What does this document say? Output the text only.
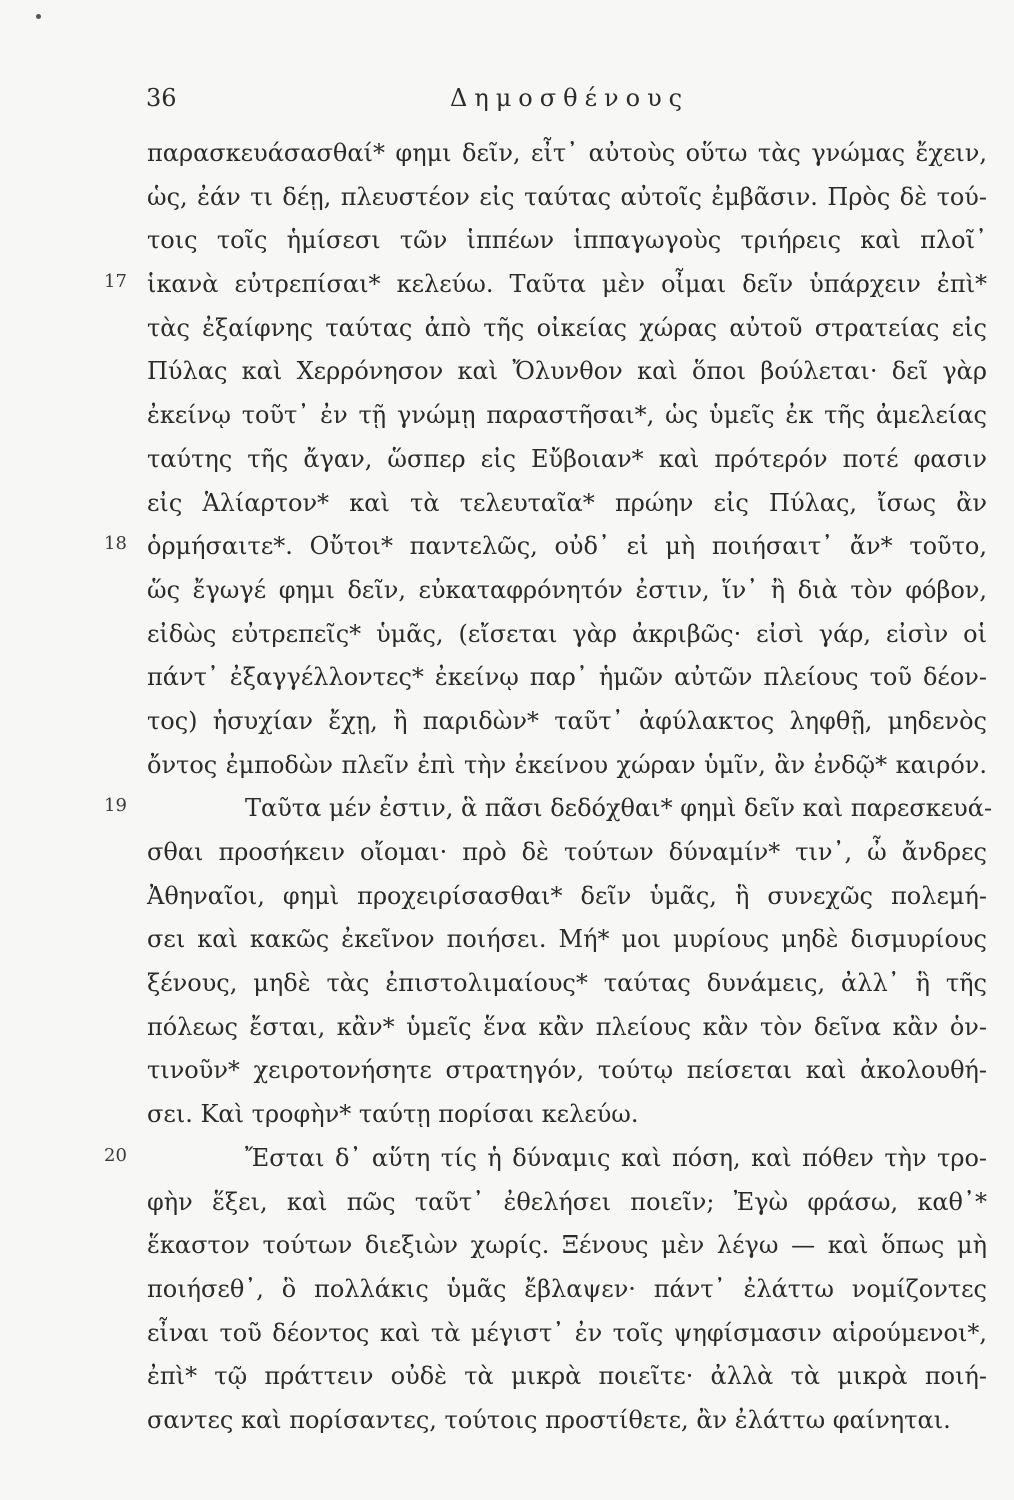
36	Δημοσθένους
παρασκευάσασθαί* φημι δεῖν, εἶτ᾽ αὐτοὺς οὕτω τὰς γνώμας ἔχειν,
ὡς, ἐάν τι δέῃ, πλευστέον εἰς ταύτας αὐτοῖς ἐμβᾶσιν. Πρὸς δὲ τού-
τοις τοῖς ἡμίσεσι τῶν ἱππέων ἱππαγωγοὺς τριήρεις καὶ πλοῖ᾽
17 ἱκανὰ εὐτρεπίσαι* κελεύω. Ταῦτα μὲν οἶμαι δεῖν ὑπάρχειν ἐπὶ*
τὰς ἐξαίφνης ταύτας ἀπὸ τῆς οἰκείας χώρας αὐτοῦ στρατείας εἰς
Πύλας καὶ Χερρόνησον καὶ Ὄλυνθον καὶ ὅποι βούλεται· δεῖ γὰρ
ἐκείνῳ τοῦτ᾽ ἐν τῇ γνώμῃ παραστῆσαι*, ὡς ὑμεῖς ἐκ τῆς ἀμελείας
ταύτης τῆς ἄγαν, ὥσπερ εἰς Εὔβοιαν* καὶ πρότερόν ποτέ φασιν
εἰς Ἁλίαρτον* καὶ τὰ τελευταῖα* πρώην εἰς Πύλας, ἴσως ἂν
18 ὁρμήσαιτε*. Οὔτοι* παντελῶς, οὐδ᾽ εἰ μὴ ποιήσαιτ᾽ ἄν* τοῦτο,
ὥς ἔγωγέ φημι δεῖν, εὐκαταφρόνητόν ἐστιν, ἵν᾽ ἢ διὰ τὸν φόβον,
εἰδὼς εὐτρεπεῖς* ὑμᾶς, (εἴσεται γὰρ ἀκριβῶς· εἰσὶ γάρ, εἰσὶν οἱ
πάντ᾽ ἐξαγγέλλοντες* ἐκείνῳ παρ᾽ ἡμῶν αὐτῶν πλείους τοῦ δέον-
τος) ἡσυχίαν ἔχῃ, ἢ παριδὼν* ταῦτ᾽ ἀφύλακτος ληφθῇ, μηδενὸς
ὄντος ἐμποδὼν πλεῖν ἐπὶ τὴν ἐκείνου χώραν ὑμῖν, ἂν ἐνδῷ* καιρόν.
19	Ταῦτα μέν ἐστιν, ἃ πᾶσι δεδόχθαι* φημὶ δεῖν καὶ παρεσκευά-
σθαι προσήκειν οἴομαι· πρὸ δὲ τούτων δύναμίν* τιν᾽, ὦ ἄνδρες
Ἀθηναῖοι, φημὶ προχειρίσασθαι* δεῖν ὑμᾶς, ἣ συνεχῶς πολεμή-
σει καὶ κακῶς ἐκεῖνον ποιήσει. Μή* μοι μυρίους μηδὲ δισμυρίους
ξένους, μηδὲ τὰς ἐπιστολιμαίους* ταύτας δυνάμεις, ἀλλ᾽ ἣ τῆς
πόλεως ἔσται, κἂν* ὑμεῖς ἕνα κἂν πλείους κἂν τὸν δεῖνα κἂν ὁν-
τινοῦν* χειροτονήσητε στρατηγόν, τούτῳ πείσεται καὶ ἀκολουθή-
σει. Καὶ τροφὴν* ταύτῃ πορίσαι κελεύω.
20	Ἔσται δ᾽ αὕτη τίς ἡ δύναμις καὶ πόση, καὶ πόθεν τὴν τρο-
φὴν ἕξει, καὶ πῶς ταῦτ᾽ ἐθελήσει ποιεῖν; Ἐγὼ φράσω, καθ᾽*
ἕκαστον τούτων διεξιὼν χωρίς. Ξένους μὲν λέγω — καὶ ὅπως μὴ
ποιήσεθ᾽, ὃ πολλάκις ὑμᾶς ἔβλαψεν· πάντ᾽ ἐλάττω νομίζοντες
εἶναι τοῦ δέοντος καὶ τὰ μέγιστ᾽ ἐν τοῖς ψηφίσμασιν αἱρούμενοι*,
ἐπὶ* τῷ πράττειν οὐδὲ τὰ μικρὰ ποιεῖτε· ἀλλὰ τὰ μικρὰ ποιή-
σαντες καὶ πορίσαντες, τούτοις προστίθετε, ἂν ἐλάττω φαίνηται.
